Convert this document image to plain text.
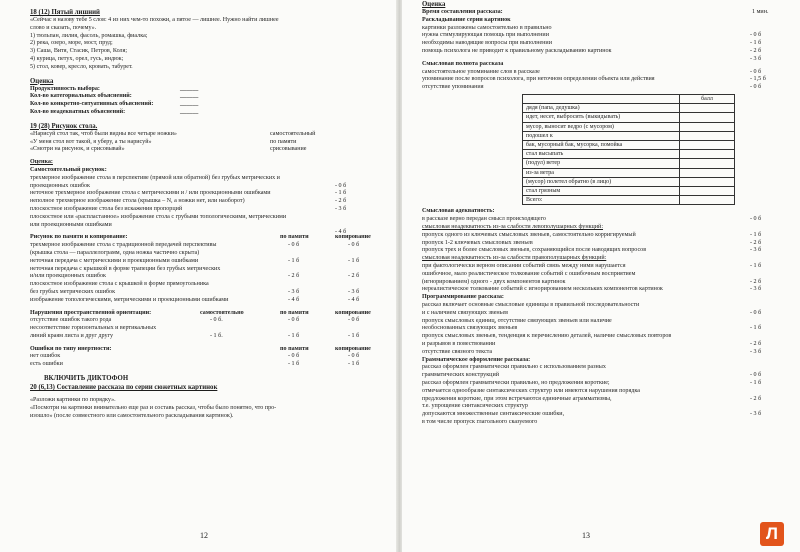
18 (12) Пятый лишний
«Сейчас я назову тебе 5 слов: 4 из них чем-то похожи, а пятое — лишнее. Нужно найти лишнее
слово и сказать, почему».
1) тюльпан, лилия, фасоль, ромашка, фиалка;
2) река, озеро, море, мост, пруд;
3) Саша, Витя, Стасик, Петров, Коля;
4) курица, петух, орел, гусь, индюк;
5) стол, ковер, кресло, кровать, табурет.
Оценка
Продуктивность выбора:	______
Кол-во категориальных объяснений:	______
Кол-во конкретно-ситуативных объяснений:	______
Кол-во неадекватных объяснений:	______
19 (28) Рисунок стола.
«Нарисуй стол так, чтоб были видны все четыре ножки»	самостоятельный
«У меня стол вот такой, я уберу, а ты нарисуй»	по памяти
«Смотри на рисунок, и срисовывай»	срисовывание
Оценка:
Самостоятельный рисунок:
трехмерное изображение стола в перспективе (прямой или обратной) без грубых метрических и
проекционных ошибок	- 0 б
неточное трехмерное изображение стола с метрическими и / или проекционными ошибками	- 1 б
неполное трехмерное изображение стола (крышка – N, а ножки нет, или наоборот)	- 2 б
плоскостное изображение стола без искажения пропорций	- 3 б
плоскостное или «распластанное» изображение стола с грубыми топологическими, метрическими
или проекционными ошибками
- 4 б
Рисунок по памяти и копирование:	по памяти	копирование
трехмерное изображение стола с традиционной передачей перспективы	- 0 б	- 0 б
(крышка стола — параллелограмм, одна ножка частично скрыта)
неточная передача с метрическими и проекционными ошибками	- 1 б	- 1 б
неточная передача с крышкой в форме трапеции без грубых метрических
и/или проекционных ошибок	- 2 б	- 2 б
плоскостное изображение стола с крышкой в форме прямоугольника
без грубых метрических ошибок	- 3 б	- 3 б
изображение топологическими, метрическими и проекционными ошибками	- 4 б	- 4 б
Нарушения пространственной ориентации:	самостоятельно	по памяти	копирование
отсутствие ошибок такого рода	- 0 б.	- 0 б	- 0 б
несоответствие горизонтальных и вертикальных
линий краям листа и друг другу	- 1 б.	- 1 б	- 1 б
Ошибки по типу инертности:	по памяти	копирование
нет ошибок	- 0 б	- 0 б
есть ошибки	- 1 б	- 1 б
ВКЛЮЧИТЬ ДИКТОФОН
20 (6,13) Составление рассказа по серии сюжетных картинок
«Разложи картинки по порядку».
«Посмотри на картинки внимательно еще раз и составь рассказ, чтобы было понятно, что про-
изошло» (после совместного или самостоятельного раскладывания картинок).
12
Оценка
Время составления рассказа:	1 мин.
Раскладывание серии картинок
картинки разложены самостоятельно в правильно
нужна стимулирующая помощь при выполнении	- 0 б
необходимы наводящие вопросы при выполнении	- 1 б
помощь психолога не приводит к правильному раскладыванию картинок	- 2 б
- 3 б
Смысловая полнота рассказа
самостоятельное упоминание слов в рассказе	- 0 б
упоминание после вопросов психолога, при неточном определении объекта или действия	- 1,5 б
отсутствие упоминания	- 0 б
	балл
дядя (папа, дедушка)	
идет, несет, выбросить (выкидывать)	
мусор, выносит ведро (с мусором)	
подошел к	
бак, мусорный бак, мусорка, помойка	
стал высыпать	
(подул) ветер	
из-за ветра	
(мусор) полетел обратно (в лицо)	
стал грязным	
Всего:	
Смысловая адекватность:
в рассказе верно передан смысл происходящего	- 0 б
смысловая неадекватность из-за слабости левополушарных функций:
пропуск одного из ключевых смысловых звеньев, самостоятельно корригируемый	- 1 б
пропуск 1-2 ключевых смысловых звеньев	- 2 б
пропуск трех и более смысловых звеньев, сохраняющийся после наводящих вопросов	- 3 б
смысловая неадекватность из-за слабости правополушарных функций:
при фактологически верном описании событий связь между ними нарушается	- 1 б
ошибочное, мало реалистическое толкование событий с ошибочным восприятием
(игнорированием) одного - двух компонентов картинок	- 2 б
нереалистическое толкование событий с игнорированием нескольких компонентов картинок	- 3 б
Программирование рассказа:
рассказ включает основные смысловые единицы в правильной последовательности
и с наличием связующих звеньев	- 0 б
пропуск смысловых единиц, отсутствие связующих звеньев или наличие
необоснованных связующих звеньев	- 1 б
пропуск смысловых звеньев, тенденция к перечислению деталей, наличие смысловых повторов
и разрывов в повествовании	- 2 б
отсутствие связного текста	- 3 б
Грамматическое оформление рассказа:
рассказ оформлен грамматически правильно с использованием разных
грамматических конструкций	- 0 б
рассказ оформлен грамматически правильно, но предложения короткие;	- 1 б
отмечается однообразие синтаксических структур или имеются нарушения порядка
предложения короткие, при этом встречаются единичные аграмматизмы,	- 2 б
т.е. упрощение синтаксических структур
допускаются множественные синтаксические ошибки,	- 3 б
в том числе пропуск глагольного сказуемого
13	Л
